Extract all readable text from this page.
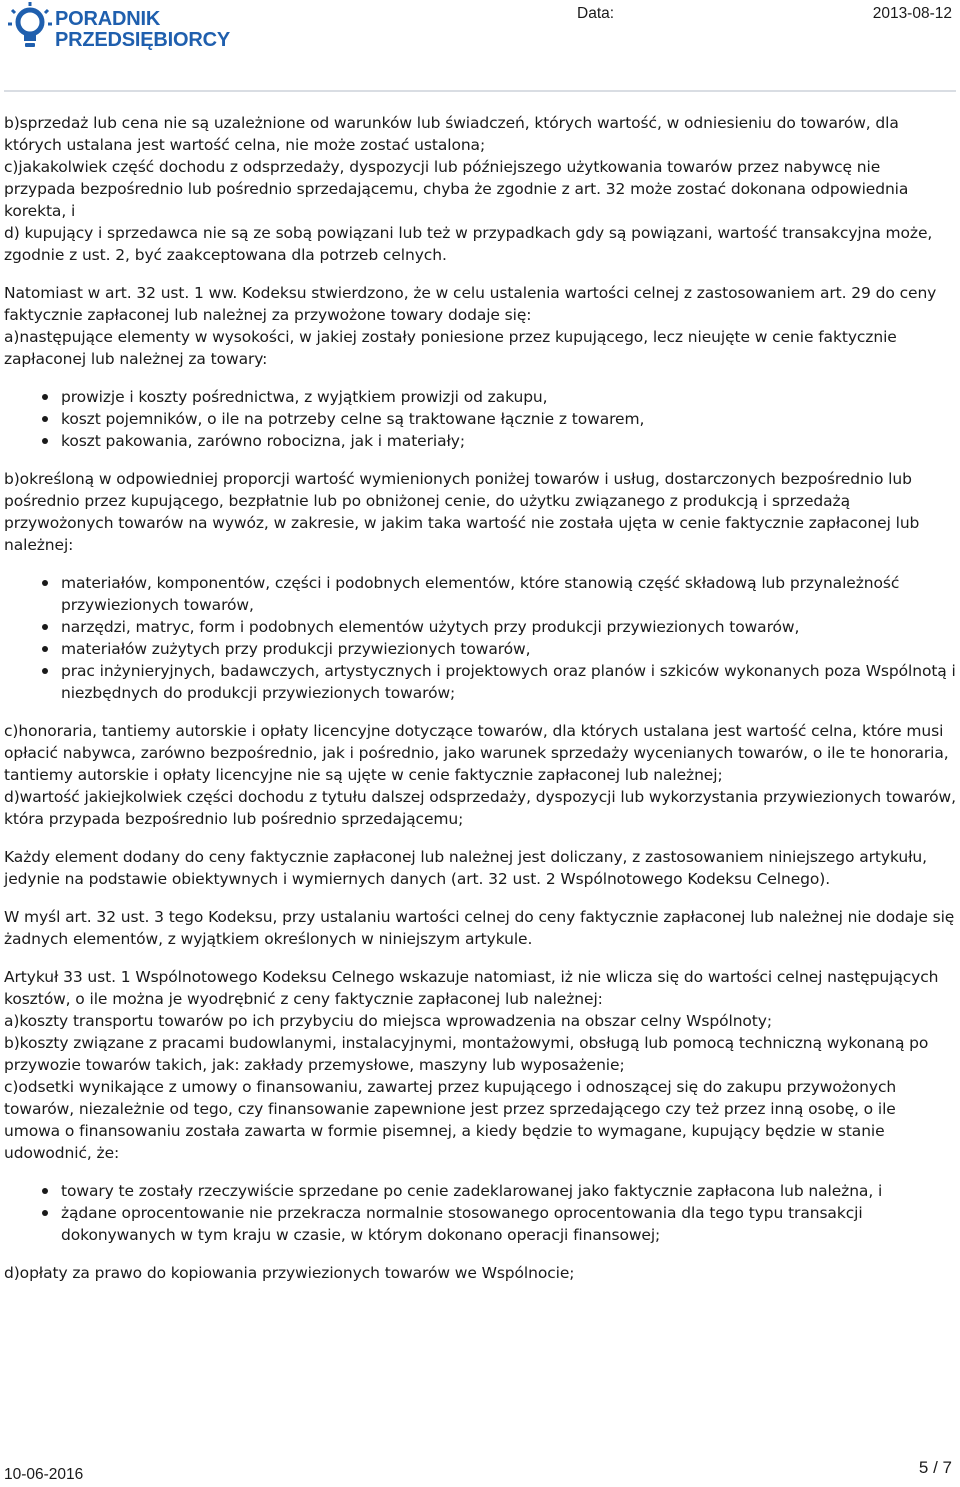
PORADNIK
PRZEDSIĘBIORCY
Data:	2013-08-12

b)sprzedaż lub cena nie są uzależnione od warunków lub świadczeń, których wartość, w odniesieniu do towarów, dla których ustalana jest wartość celna, nie może zostać ustalona;

c)jakakolwiek część dochodu z odsprzedaży, dyspozycji lub późniejszego użytkowania towarów przez nabywcę nie przypada bezpośrednio lub pośrednio sprzedającemu, chyba że zgodnie z art. 32 może zostać dokonana odpowiednia korekta, i

d) kupujący i sprzedawca nie są ze sobą powiązani lub też w przypadkach gdy są powiązani, wartość transakcyjna może, zgodnie z ust. 2, być zaakceptowana dla potrzeb celnych.

Natomiast w art. 32 ust. 1 ww. Kodeksu stwierdzono, że w celu ustalenia wartości celnej z zastosowaniem art. 29 do ceny faktycznie zapłaconej lub należnej za przywożone towary dodaje się:

a)następujące elementy w wysokości, w jakiej zostały poniesione przez kupującego, lecz nieujęte w cenie faktycznie zapłaconej lub należnej za towary:

prowizje i koszty pośrednictwa, z wyjątkiem prowizji od zakupu,
koszt pojemników, o ile na potrzeby celne są traktowane łącznie z towarem,
koszt pakowania, zarówno robocizna, jak i materiały;

b)określoną w odpowiedniej proporcji wartość wymienionych poniżej towarów i usług, dostarczonych bezpośrednio lub pośrednio przez kupującego, bezpłatnie lub po obniżonej cenie, do użytku związanego z produkcją i sprzedażą przywożonych towarów na wywóz, w zakresie, w jakim taka wartość nie została ujęta w cenie faktycznie zapłaconej lub należnej:

materiałów, komponentów, części i podobnych elementów, które stanowią część składową lub przynależność przywiezionych towarów,
narzędzi, matryc, form i podobnych elementów użytych przy produkcji przywiezionych towarów,
materiałów zużytych przy produkcji przywiezionych towarów,
prac inżynieryjnych, badawczych, artystycznych i projektowych oraz planów i szkiców wykonanych poza Wspólnotą i niezbędnych do produkcji przywiezionych towarów;

c)honoraria, tantiemy autorskie i opłaty licencyjne dotyczące towarów, dla których ustalana jest wartość celna, które musi opłacić nabywca, zarówno bezpośrednio, jak i pośrednio, jako warunek sprzedaży wycenianych towarów, o ile te honoraria, tantiemy autorskie i opłaty licencyjne nie są ujęte w cenie faktycznie zapłaconej lub należnej;

d)wartość jakiejkolwiek części dochodu z tytułu dalszej odsprzedaży, dyspozycji lub wykorzystania przywiezionych towarów, która przypada bezpośrednio lub pośrednio sprzedającemu;

Każdy element dodany do ceny faktycznie zapłaconej lub należnej jest doliczany, z zastosowaniem niniejszego artykułu, jedynie na podstawie obiektywnych i wymiernych danych (art. 32 ust. 2 Wspólnotowego Kodeksu Celnego).

W myśl art. 32 ust. 3 tego Kodeksu, przy ustalaniu wartości celnej do ceny faktycznie zapłaconej lub należnej nie dodaje się żadnych elementów, z wyjątkiem określonych w niniejszym artykule.

Artykuł 33 ust. 1 Wspólnotowego Kodeksu Celnego wskazuje natomiast, iż nie wlicza się do wartości celnej następujących kosztów, o ile można je wyodrębnić z ceny faktycznie zapłaconej lub należnej:

a)koszty transportu towarów po ich przybyciu do miejsca wprowadzenia na obszar celny Wspólnoty;

b)koszty związane z pracami budowlanymi, instalacyjnymi, montażowymi, obsługą lub pomocą techniczną wykonaną po przywozie towarów takich, jak: zakłady przemysłowe, maszyny lub wyposażenie;

c)odsetki wynikające z umowy o finansowaniu, zawartej przez kupującego i odnoszącej się do zakupu przywożonych towarów, niezależnie od tego, czy finansowanie zapewnione jest przez sprzedającego czy też przez inną osobę, o ile umowa o finansowaniu została zawarta w formie pisemnej, a kiedy będzie to wymagane, kupujący będzie w stanie udowodnić, że:

towary te zostały rzeczywiście sprzedane po cenie zadeklarowanej jako faktycznie zapłacona lub należna, i
żądane oprocentowanie nie przekracza normalnie stosowanego oprocentowania dla tego typu transakcji dokonywanych w tym kraju w czasie, w którym dokonano operacji finansowej;

d)opłaty za prawo do kopiowania przywiezionych towarów we Wspólnocie;

10-06-2016	5 / 7
